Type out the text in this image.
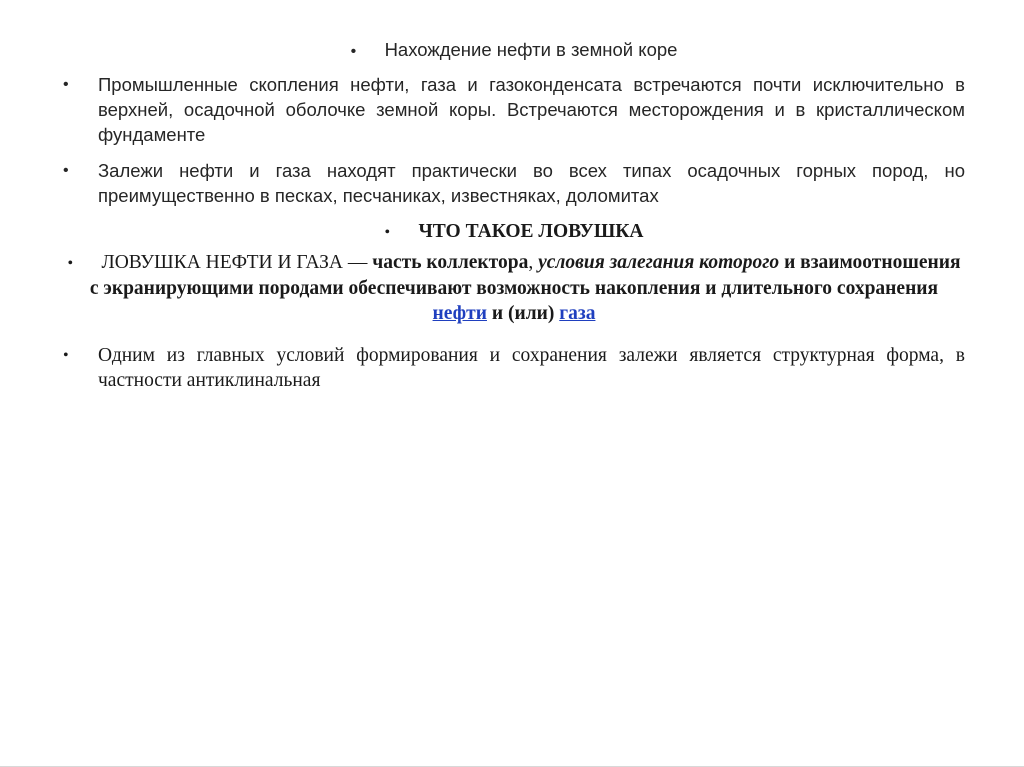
• Нахождение нефти в земной коре
• Промышленные скопления нефти, газа и газоконденсата встречаются почти исключительно в верхней, осадочной оболочке земной коры. Встречаются месторождения и в кристаллическом фундаменте
• Залежи нефти и газа находят практически во всех типах осадочных горных пород, но преимущественно в песках, песчаниках, известняках, доломитах
• ЧТО ТАКОЕ ЛОВУШКА
• ЛОВУШКА НЕФТИ И ГАЗА — часть коллектора, условия залегания которого и взаимоотношения с экранирующими породами обеспечивают возможность накопления и длительного сохранения нефти и (или) газа
• Одним из главных условий формирования и сохранения залежи является структурная форма, в частности антиклинальная
